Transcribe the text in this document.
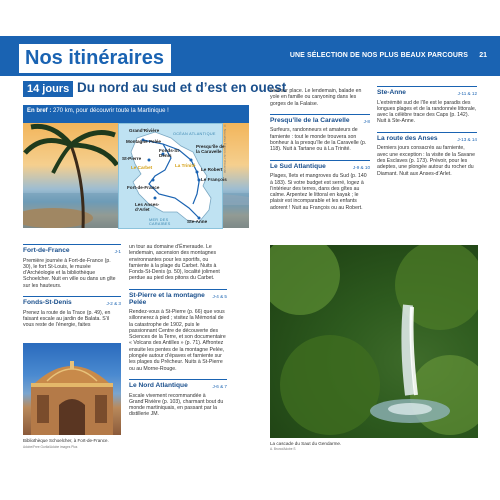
Nos itinéraires	UNE SÉLECTION DE NOS PLUS BEAUX PARCOURS 21
14 jours Du nord au sud et d’est en ouest
En bref : 270 km, pour découvrir toute la Martinique !
OCÉAN ATLANTIQUE
MER DES CARAÏBES
Grand’Rivière
Montagne Pelée
Fonds-St-Denis
St-Pierre
Presqu’île de la Caravelle
Le Carbet	La Trinité
Le Robert
Le François
Fort-de-France
Les Anses-d’Arlet
Ste-Anne
© Nouvelles Éditions de l'Université
Fort-de-France	J-1
Première journée à Fort-de-France (p. 30), le fort St-Louis, le musée d’Archéologie et la bibliothèque Schoelcher. Nuit en ville ou dans un gîte sur les hauteurs.
Fonds-St-Denis	J-2 & 3
Prenez la route de la Trace (p. 49), en faisant escale au jardin de Balata. S’il vous reste de l’énergie, faites
Bibliothèque Schoelcher, à Fort-de-France.
Adobe/Free Gorila/Adobe images Plus
un tour au domaine d’Émeraude. Le lendemain, ascension des montagnes environnantes pour les sportifs, ou farniente à la plage du Carbet. Nuits à Fonds-St-Denis (p. 50), localité joliment perdue au pied des pitons du Carbet.
St-Pierre et la montagne Pelée
J-4 & 5
Rendez-vous à St-Pierre (p. 66) que vous sillonnerez à pied ; visitez la Mémorial de la catastrophe de 1902, puis le passionnant Centre de découverte des Sciences de la Terre, et son documentaire « Volcans des Antilles » (p. 71). Affrontez ensuite les pentes de la montagne Pelée, plongée autour d’épaves et farniente sur les plages du Prêcheur. Nuits à St-Pierre ou au Morne-Rouge.
Le Nord Atlantique	J-6 & 7
Escale vivement recommandée à Grand’Rivière (p. 103), charmant bout du monde martiniquais, en passant par la distillerie JM.
Nuit sur place. Le lendemain, balade en yole en famille ou canyoning dans les gorges de la Falaise.
Presqu’île de la Caravelle	J-8
Surfeurs, randonneurs et amateurs de farniente : tout le monde trouvera son bonheur à la presqu’île de la Caravelle (p. 118). Nuit à Tartane ou à La Trinité.
Le Sud Atlantique	J-9 & 10
Plages, îlets et mangroves du Sud (p. 140 à 183). Si votre budget est serré, logez à l’intérieur des terres, dans des gîtes au calme. Arpentez le littoral en kayak ; le plaisir est incomparable et les enfants adorent ! Nuit au François ou au Robert.
Ste-Anne	J-11 & 12
L’extrémité sud de l’île est le paradis des longues plages et de la randonnée littorale, avec la célèbre trace des Caps (p. 142). Nuit à Ste-Anne.
La route des Anses	J-13 & 14
Derniers jours consacrés au farniente, avec une exception : la visite de la Savane des Esclaves (p. 173). Prévoir, pour les adeptes, une plongée autour du rocher du Diamant. Nuit aux Anses-d’Arlet.
La cascade du Saut du Gendarme.
A. Bruno/Adobe S
